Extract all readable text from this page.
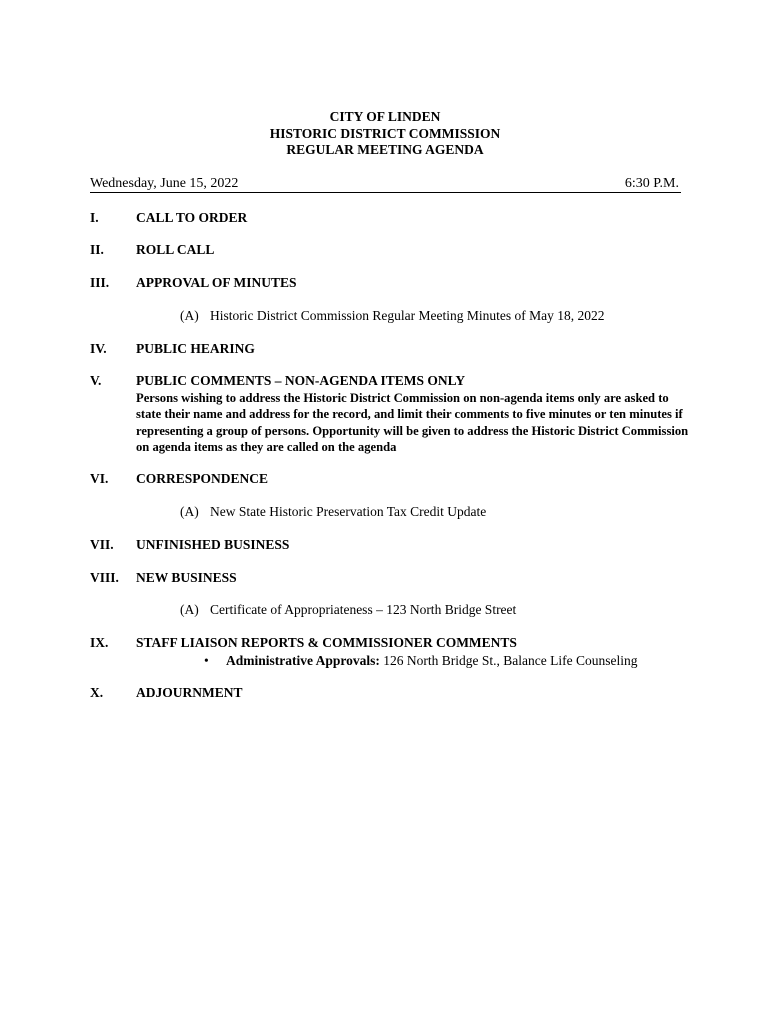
CITY OF LINDEN
HISTORIC DISTRICT COMMISSION
REGULAR MEETING AGENDA
Wednesday, June 15, 2022	6:30 P.M.
I.	CALL TO ORDER
II. ROLL CALL
III. APPROVAL OF MINUTES
(A) Historic District Commission Regular Meeting Minutes of May 18, 2022
IV. PUBLIC HEARING
V.	PUBLIC COMMENTS – NON-AGENDA ITEMS ONLY
Persons wishing to address the Historic District Commission on non-agenda items only are asked to state their name and address for the record, and limit their comments to five minutes or ten minutes if representing a group of persons. Opportunity will be given to address the Historic District Commission on agenda items as they are called on the agenda
VI. CORRESPONDENCE
(A) New State Historic Preservation Tax Credit Update
VII. UNFINISHED BUSINESS
VIII. NEW BUSINESS
(A) Certificate of Appropriateness – 123 North Bridge Street
IX. STAFF LIAISON REPORTS & COMMISSIONER COMMENTS
• Administrative Approvals: 126 North Bridge St., Balance Life Counseling
X. ADJOURNMENT
